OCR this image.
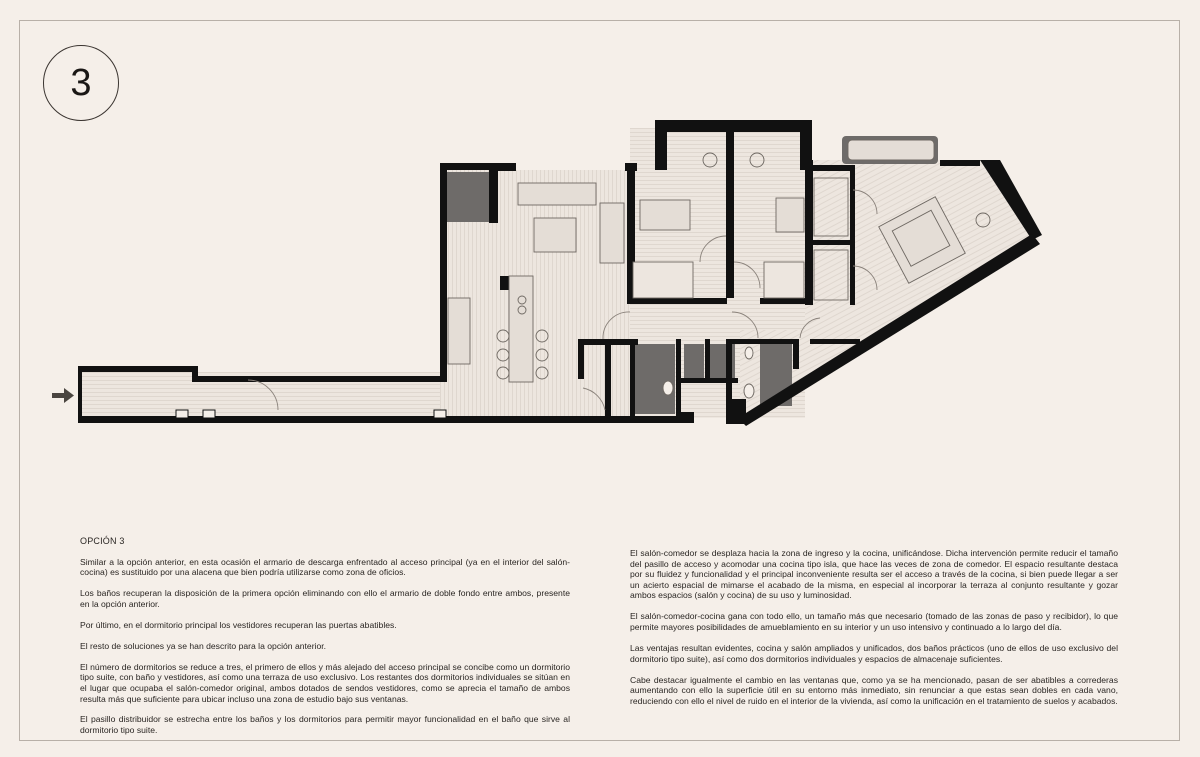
3
OPCIÓN 3

Similar a la opción anterior, en esta ocasión el armario de descarga enfrentado al acceso principal (ya en el interior del salón-cocina) es sustituido por una alacena que bien podría utilizarse como zona de oficios.

Los baños recuperan la disposición de la primera opción eliminando con ello el armario de doble fondo entre ambos, presente en la opción anterior.

Por último, en el dormitorio principal los vestidores recuperan las puertas abatibles.

El resto de soluciones ya se han descrito para la opción anterior.

El número de dormitorios se reduce a tres, el primero de ellos y más alejado del acceso principal se concibe como un dormitorio tipo suite, con baño y vestidores, así como una terraza de uso exclusivo. Los restantes dos dormitorios individuales se sitúan en el lugar que ocupaba el salón-comedor original, ambos dotados de sendos vestidores, como se aprecia el tamaño de ambos resulta más que suficiente para ubicar incluso una zona de estudio bajo sus ventanas.

El pasillo distribuidor se estrecha entre los baños y los dormitorios para permitir mayor funcionalidad en el baño que sirve al dormitorio tipo suite.

El salón-comedor se desplaza hacia la zona de ingreso y la cocina, unificándose. Dicha intervención permite reducir el tamaño del pasillo de acceso y acomodar una cocina tipo isla, que hace las veces de zona de comedor. El espacio resultante destaca por su fluidez y funcionalidad y el principal inconveniente resulta ser el acceso a través de la cocina, si bien puede llegar a ser un acierto espacial de mimarse el acabado de la misma, en especial al incorporar la terraza al conjunto resultante y gozar ambos espacios (salón y cocina) de su uso y luminosidad.

El salón-comedor-cocina gana con todo ello, un tamaño más que necesario (tomado de las zonas de paso y recibidor), lo que permite mayores posibilidades de amueblamiento en su interior y un uso intensivo y continuado a lo largo del día.

Las ventajas resultan evidentes, cocina y salón ampliados y unificados, dos baños prácticos (uno de ellos de uso exclusivo del dormitorio tipo suite), así como dos dormitorios individuales y espacios de almacenaje suficientes.

Cabe destacar igualmente el cambio en las ventanas que, como ya se ha mencionado, pasan de ser abatibles a correderas aumentando con ello la superficie útil en su entorno más inmediato, sin renunciar a que estas sean dobles en cada vano, reduciendo con ello el nivel de ruido en el interior de la vivienda, así como la unificación en el tratamiento de suelos y acabados.
